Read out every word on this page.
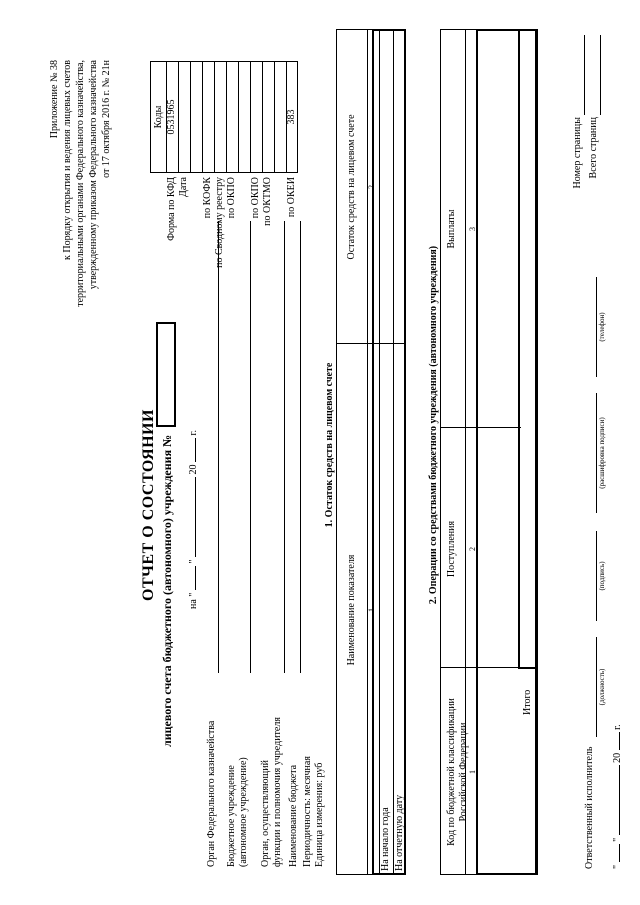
Приложение № 38 к Порядку открытия и ведения лицевых счетов территориальными органами Федерального казначейства, утвержденному приказом Федерального казначейства от 17 октября 2016 г. № 21н
ОТЧЕТ О СОСТОЯНИИ лицевого счета бюджетного (автономного) учреждения № на "  "  20  г.
Коды
Орган Федерального казначейства Бюджетное учреждение (автономное учреждение) Орган, осуществляющий функции и полномочия учредителя Наименование бюджета Периодичность: месячная Единица измерения: руб
1. Остаток средств на лицевом счете
Наименование показателя
Остаток средств на лицевом счете
1
2
На начало года На отчетную дату
2. Операции со средствами бюджетного учреждения (автономного учреждения)
Код по бюджетной классификации Российской Федерации
Поступления
Выплаты
1
2
3
Итого
Ответственный исполнитель
(должность)
(подпись)
(расшифровка подписи)
(телефон)
"  "  20  г.
Номер страницы Всего страниц
Форма по КФД
0531965
Дата по КОФК по Сводному реестру по ОКПО по ОКПО по ОКТМО по ОКЕИ
383
